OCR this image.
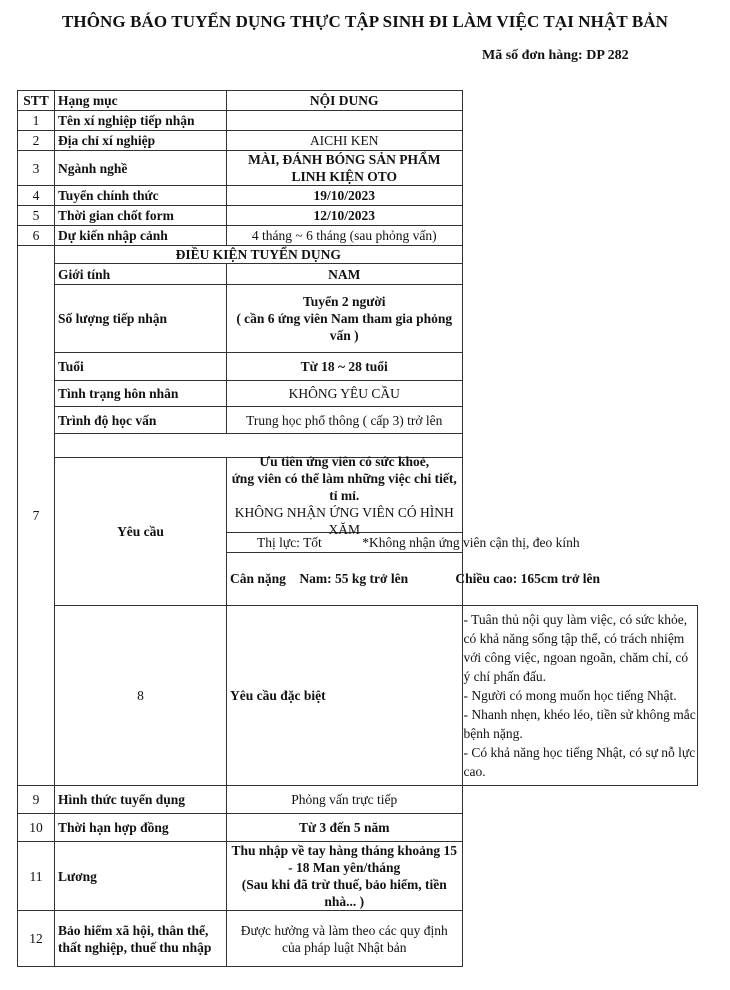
THÔNG BÁO TUYỂN DỤNG THỰC TẬP SINH ĐI LÀM VIỆC TẠI NHẬT BẢN
Mã số đơn hàng: DP 282
STT	Hạng mục	NỘI DUNG	
1	Tên xí nghiệp tiếp nhận		
2	Địa chỉ xí nghiệp	AICHI KEN	
3	Ngành nghề	MÀI, ĐÁNH BÓNG SẢN PHẨM LINH KIỆN OTO	
4	Tuyển chính thức	19/10/2023	
5	Thời gian chốt form	12/10/2023	
6	Dự kiến nhập cảnh	4 tháng ~ 6 tháng (sau phỏng vấn)	
7	ĐIỀU KIỆN TUYỂN DỤNG		
	Giới tính	NAM	
	Số lượng tiếp nhận	Tuyển 2 người
( cần 6 ứng viên Nam tham gia phỏng vấn )	

	Tuổi	Từ 18 ~ 28 tuổi	
	Tình trạng hôn nhân	KHÔNG YÊU CẦU	
	Trình độ học vấn	Trung học phổ thông ( cấp 3) trở lên	

	Yêu cầu	Ưu tiên ứng viên có sức khoẻ,
ứng viên có thể làm những việc chi tiết, tỉ mỉ.
KHÔNG NHẬN ỨNG VIÊN CÓ HÌNH XĂM
Thị lực: Tốt            *Không nhận ứng viên cận thị, đeo kính
Cân nặng    Nam: 55 kg trở lên              Chiều cao: 165cm trở lên	

	8	Yêu cầu đặc biệt	- Tuân thủ nội quy làm việc, có sức khỏe, có khả năng sống tập thể, có trách nhiệm với công việc, ngoan ngoãn, chăm chỉ, có ý chí phấn đấu.
- Người có mong muốn học tiếng Nhật.
- Nhanh nhẹn, khéo léo, tiền sử không mắc bệnh nặng.
- Có khả năng học tiếng Nhật, có sự nỗ lực cao.
9	Hình thức tuyển dụng	Phỏng vấn trực tiếp	
10	Thời hạn hợp đồng	Từ 3 đến 5 năm	
11	Lương	Thu nhập về tay hàng tháng khoảng 15 - 18 Man yên/tháng
(Sau khi đã trừ thuế, bảo hiểm, tiền nhà... )	

12	Bảo hiểm xã hội, thân thể, thất nghiệp, thuế thu nhập	Được hưởng và làm theo các quy định của pháp luật Nhật bản	
